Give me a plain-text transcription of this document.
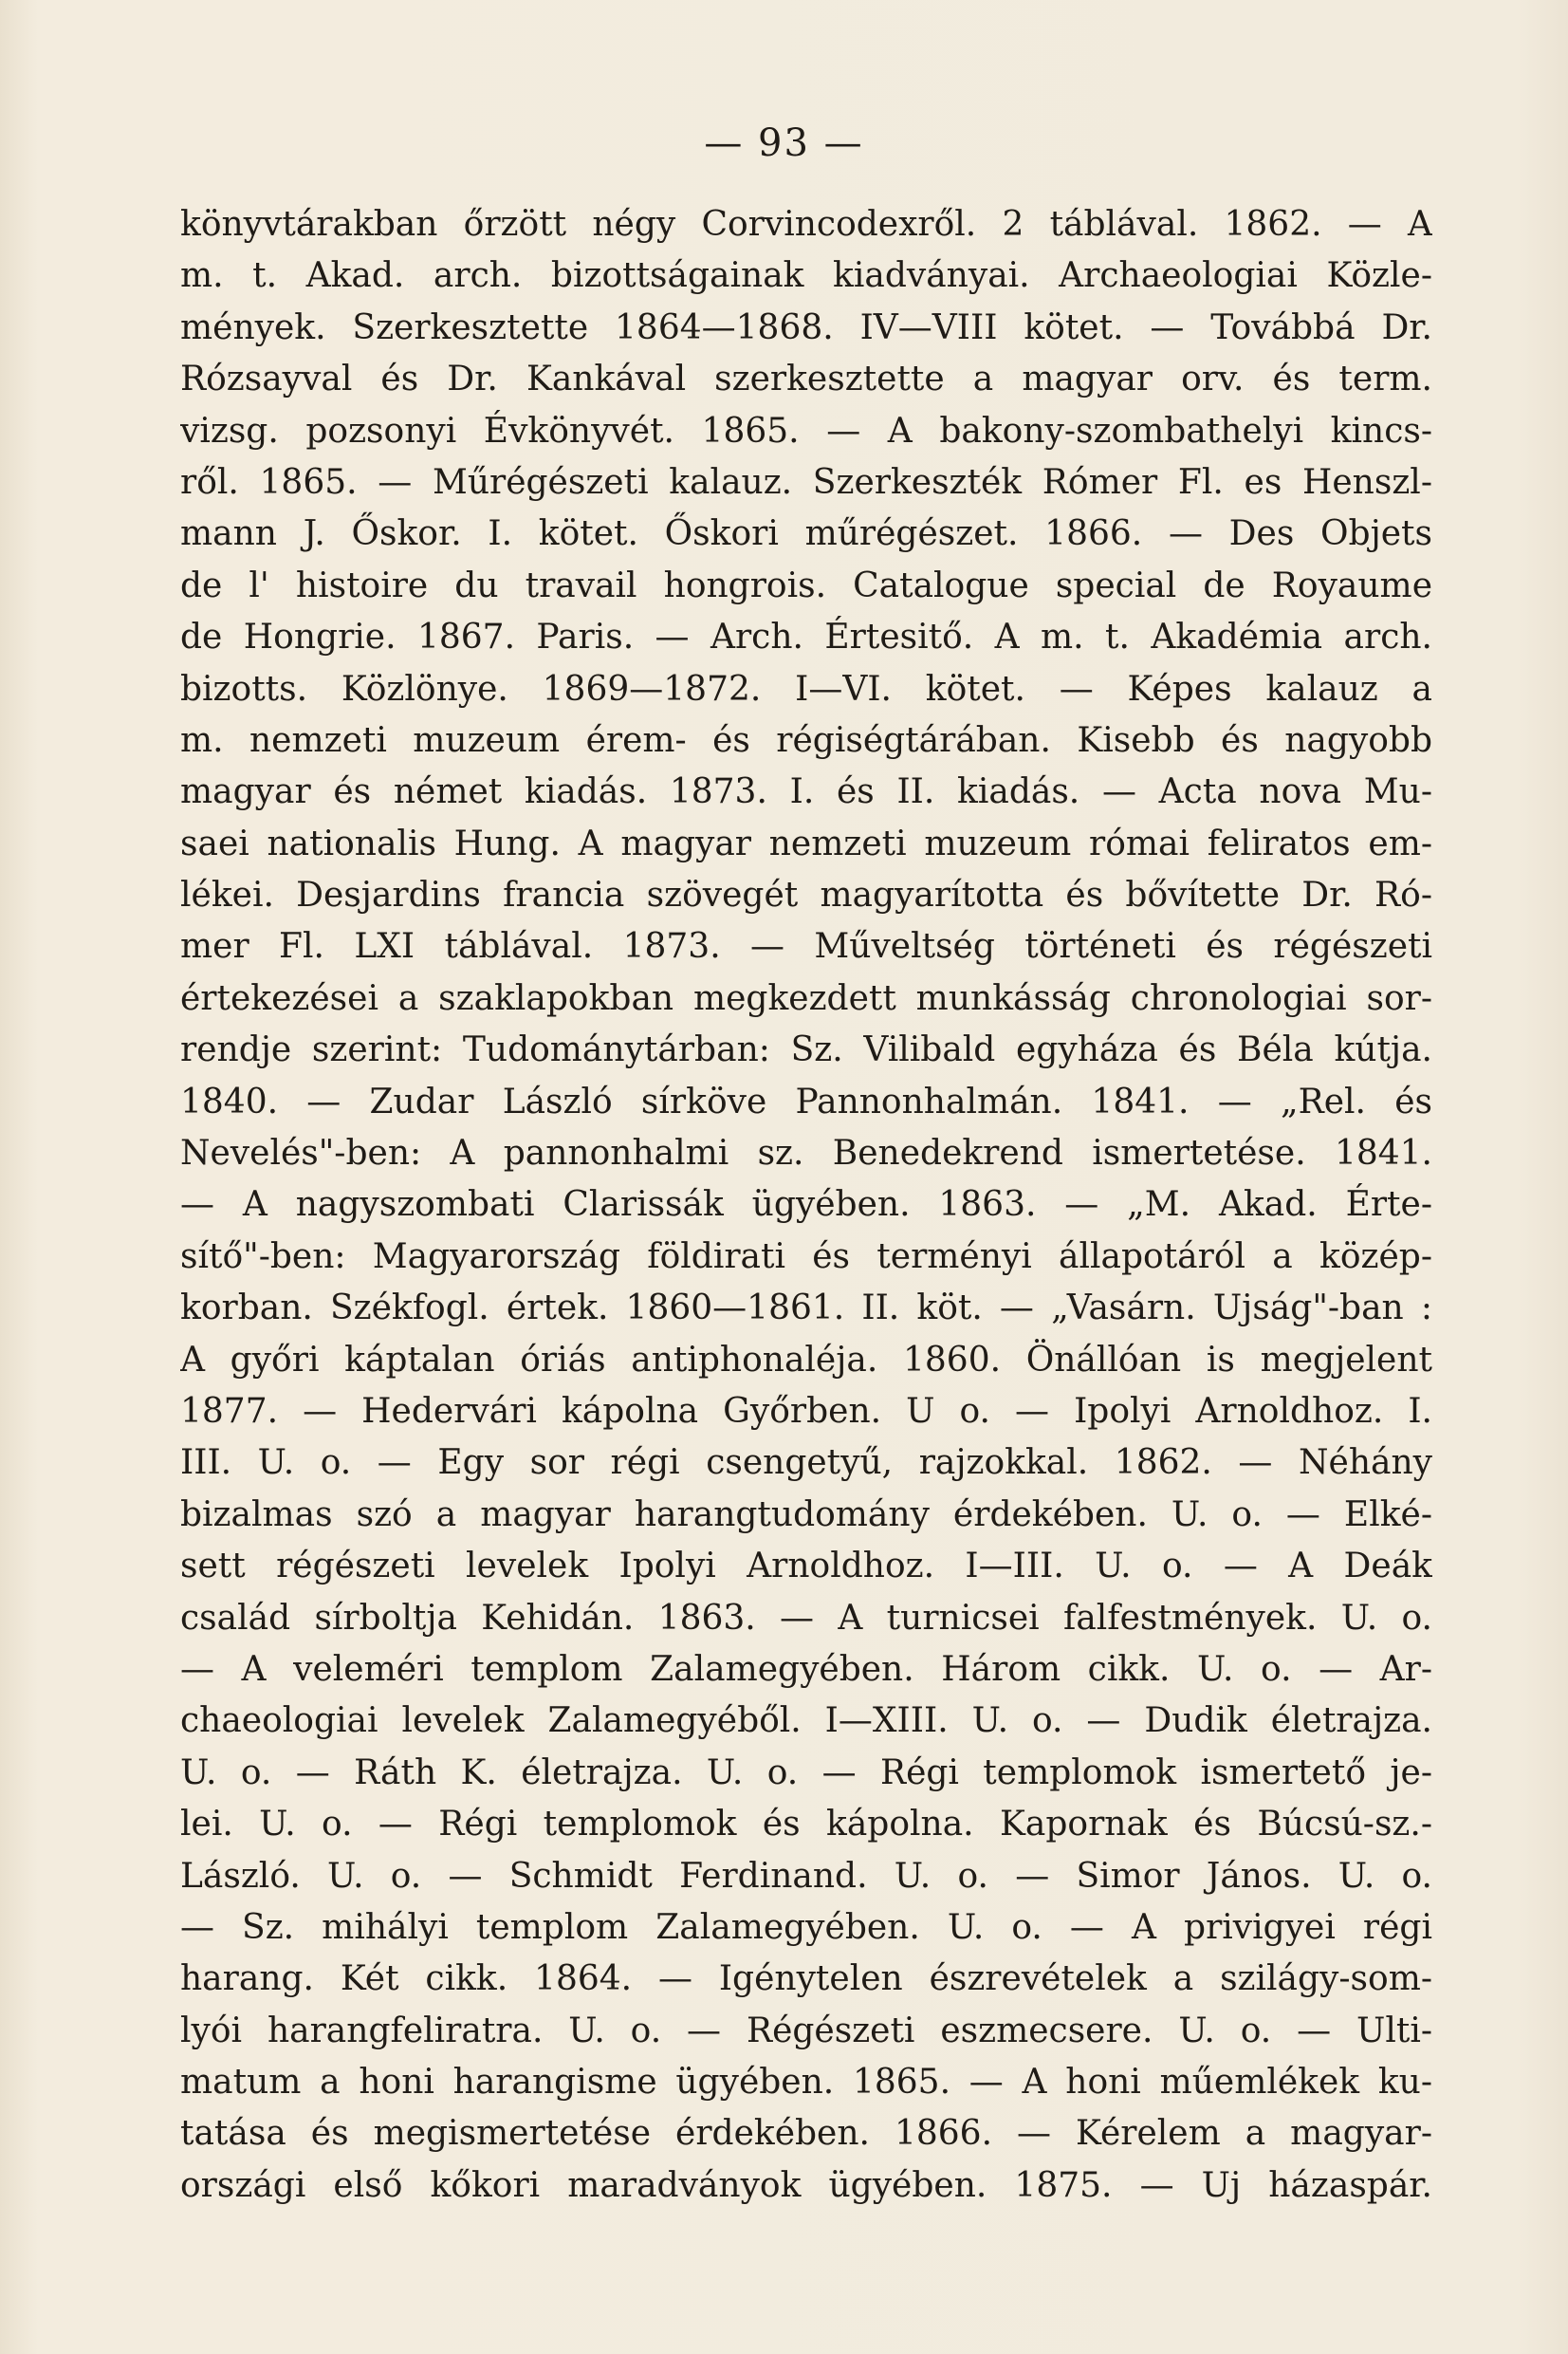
— 93 —
könyvtárakban őrzött négy Corvincodexről. 2 táblával. 1862. — A
m. t. Akad. arch. bizottságainak kiadványai. Archaeologiai Közle-
mények. Szerkesztette 1864—1868. IV—VIII kötet. — Továbbá Dr.
Rózsayval és Dr. Kankával szerkesztette a magyar orv. és term.
vizsg. pozsonyi Évkönyvét. 1865. — A bakony-szombathelyi kincs-
ről. 1865. — Műrégészeti kalauz. Szerkeszték Rómer Fl. es Henszl-
mann J. Őskor. I. kötet. Őskori műrégészet. 1866. — Des Objets
de l' histoire du travail hongrois. Catalogue special de Royaume
de Hongrie. 1867. Paris. — Arch. Értesitő. A m. t. Akadémia arch.
bizotts. Közlönye. 1869—1872. I—VI. kötet. — Képes kalauz a
m. nemzeti muzeum érem- és régiségtárában. Kisebb és nagyobb
magyar és német kiadás. 1873. I. és II. kiadás. — Acta nova Mu-
saei nationalis Hung. A magyar nemzeti muzeum római feliratos em-
lékei. Desjardins francia szövegét magyarította és bővítette Dr. Ró-
mer Fl. LXI táblával. 1873. — Műveltség történeti és régészeti
értekezései a szaklapokban megkezdett munkásság chronologiai sor-
rendje szerint: Tudománytárban: Sz. Vilibald egyháza és Béla kútja.
1840. — Zudar László sírköve Pannonhalmán. 1841. — „Rel. és
Nevelés"-ben: A pannonhalmi sz. Benedekrend ismertetése. 1841.
— A nagyszombati Clarissák ügyében. 1863. — „M. Akad. Érte-
sítő"-ben: Magyarország földirati és terményi állapotáról a közép-
korban. Székfogl. értek. 1860—1861. II. köt. — „Vasárn. Ujság"-ban :
A győri káptalan óriás antiphonaléja. 1860. Önállóan is megjelent
1877. — Hedervári kápolna Győrben. U o. — Ipolyi Arnoldhoz. I.
III. U. o. — Egy sor régi csengetyű, rajzokkal. 1862. — Néhány
bizalmas szó a magyar harangtudomány érdekében. U. o. — Elké-
sett régészeti levelek Ipolyi Arnoldhoz. I—III. U. o. — A Deák
család sírboltja Kehidán. 1863. — A turnicsei falfestmények. U. o.
— A veleméri templom Zalamegyében. Három cikk. U. o. — Ar-
chaeologiai levelek Zalamegyéből. I—XIII. U. o. — Dudik életrajza.
U. o. — Ráth K. életrajza. U. o. — Régi templomok ismertető je-
lei. U. o. — Régi templomok és kápolna. Kapornak és Búcsú-sz.-
László. U. o. — Schmidt Ferdinand. U. o. — Simor János. U. o.
— Sz. mihályi templom Zalamegyében. U. o. — A privigyei régi
harang. Két cikk. 1864. — Igénytelen észrevételek a szilágy-som-
lyói harangfeliratra. U. o. — Régészeti eszmecsere. U. o. — Ulti-
matum a honi harangisme ügyében. 1865. — A honi műemlékek ku-
tatása és megismertetése érdekében. 1866. — Kérelem a magyar-
országi első kőkori maradványok ügyében. 1875. — Uj házaspár.
